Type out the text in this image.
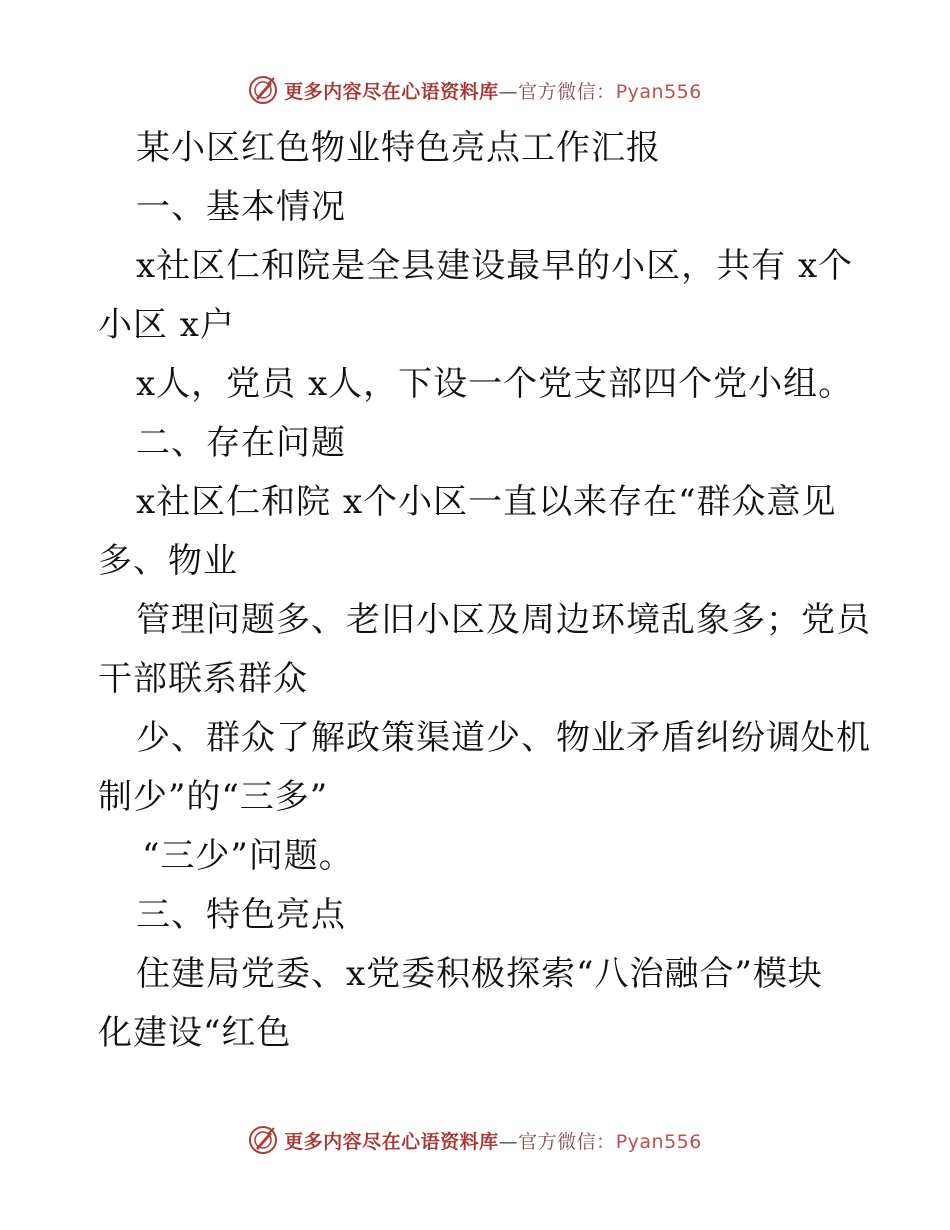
更多内容尽在心语资料库—官方微信：Pyan556
某小区红色物业特色亮点工作汇报
一、基本情况
x社区仁和院是全县建设最早的小区，共有 x个
小区 x户
x人，党员 x人，下设一个党支部四个党小组。
二、存在问题
x社区仁和院 x个小区一直以来存在“群众意见
多、物业
管理问题多、老旧小区及周边环境乱象多；党员
干部联系群众
少、群众了解政策渠道少、物业矛盾纠纷调处机
制少”的“三多”
“三少”问题。
三、特色亮点
住建局党委、x党委积极探索“八治融合”模块
化建设“红色
更多内容尽在心语资料库—官方微信：Pyan556
